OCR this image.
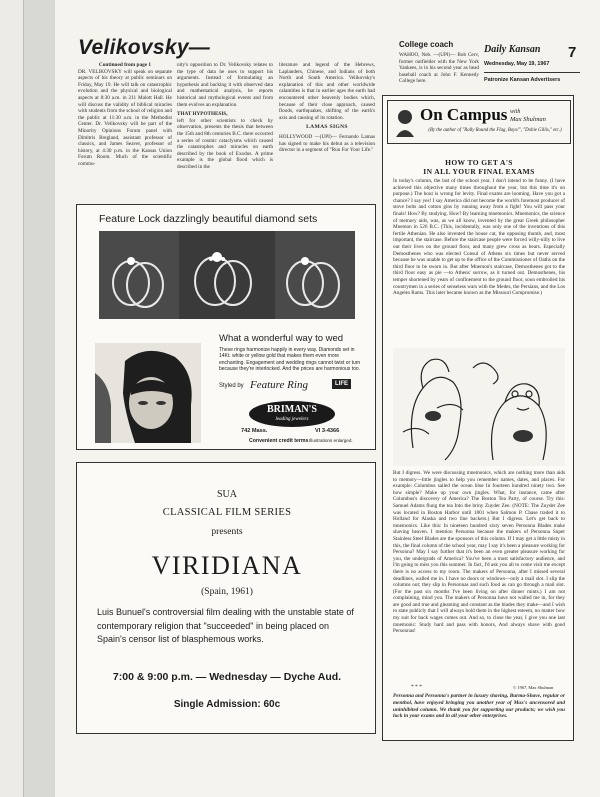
Velikovsky—	College coach	Daily Kansan 7
Wednesday, May 19, 1967
Patronize Kansan Advertisers
Continued from page 1
DR. VELIKOVSKY will speak on separate aspects of his theory at public seminars on Friday, May 19. He will talk on catastrophic evolution and the physical and biological aspects at 8:30 a.m. in 211 Malott Hall. He will discuss the validity of biblical miracles with students from the school of religion and the public at 11:30 a.m. in the Methodist Center. Dr. Velikovsky will be part of the Minority Opinions Forum panel with Dimitris Bregland, assistant professor of classics, and James Seaver, professor of history, at 4:30 p.m. in the Kansas Union Forum Room. Much of the scientific commu-
nity's opposition to Dr. Velikovsky relates to the type of data he uses to support his arguments. Instead of formulating an hypothesis and backing it with observed data and mathematical analysis, he reports historical and mythological events and from them evolves an explanation.
THAT HYPOTHESIS,
left for other scientists to check by observation, presents the thesis that between the 15th and 8th centuries B.C. there occurred a series of cosmic cataclysms which caused the catastrophes and miracles on earth described by the book of Exodus. A prime example is the global flood which is described in the
literature and legend of the Hebrews, Laplanders, Chinese, and Indians of both North and South America. Velikovsky's explanation of this and other worldwide calamities is that in earlier ages the earth had encountered other heavenly bodies which, because of their close approach, caused floods, earthquakes, shifting of the earth's axis and causing of its rotation.
LAMAS SIGNS
HOLLYWOOD —(UPI)— Fernando Lamas has signed to make his debut as a television director in a segment of "Run For Your Life."
WAHOO, Neb. —(UPI)— Bob Cerv, former outfielder with the New York Yankees, is in his second year as head baseball coach at John F. Kennedy College here.
Feature Lock dazzlingly beautiful diamond sets
What a wonderful way to wed
These rings harmonize happily in every way. Diamonds set in 14Kt. white or yellow gold that makes them even more enchanting. Engagement and wedding rings cannot twist or turn because they're interlocked. And the prices are harmonious too.
Styled by Feature Ring	LIFE
BRIMAN'S
leading jewelers
742 Mass.	VI 3-4366
Convenient credit terms Illustrations enlarged.
SUA
CLASSICAL FILM SERIES
presents
VIRIDIANA
(Spain, 1961)
Luis Bunuel's controversial film dealing with the unstable state of contemporary religion that "succeeded" in being placed on Spain's censor list of blasphemous works.
7:00 & 9:00 p.m. — Wednesday — Dyche Aud.
Single Admission: 60c
On Campus with
Max Shulman
(By the author of "Rally Round the Flag, Boys!", "Dobie Gillis," etc.)
HOW TO GET A'S
IN ALL YOUR FINAL EXAMS
In today's column, the last of the school year, I don't intend to be funny. (I have achieved this objective many times throughout the year, but this time it's on purpose.) The hour is wrong for levity. Final exams are looming. Have you got a chance? I say yes! I say America did not become the world's foremost producer of stove bolts and cotton gins by running away from a fight! You will pass your finals! How? By studying. How? By learning mnemonics. Mnemonics, the science of memory aids, was, as we all know, invented by the great Greek philosopher Mnemon in 526 B.C. (This, incidentally, was only one of the inventions of this fertile Athenian. He also invented the house cat, the opposing thumb, and, most important, the staircase. Before the staircase people were forced willy-nilly to live out their lives on the ground floor, and many grew cross as bears. Especially Demosthenes who was elected Consul of Athens six times but never served because he was unable to get up to the office of the Commissioner of Oaths on the third floor to be sworn in. But after Mnemon's staircase, Demosthenes got to the third floor easy as pie —to Athens' sorrow, as it turned out. Demosthenes, his temper shortened by years of confinement to the ground floor, soon embroiled his countrymen in a series of senseless wars with the Medes, the Persians, and the Los Angeles Rams. This later became known as the Missouri Compromise.)
But I digress. We were discussing mnemonics, which are nothing more than aids to memory—little jingles to help you remember names, dates, and places. For example: Columbus sailed the ocean blue In fourteen hundred ninety two. See how simple? Make up your own jingles. What, for instance, came after Columbus's discovery of America? The Boston Tea Party, of course. Try this: Samuel Adams flung the tea Into the briny Zuyder Zee. (NOTE: The Zuyder Zee was located in Boston Harbor until 1801 when Salmon P. Chase traded it to Holland for Alaska and two line backers.) But I digress. Let's get back to mnemonics. Like this: In nineteen hundred sixty seven Personna Blades make shaving heaven. I mention Personna because the makers of Personna Super Stainless Steel Blades are the sponsors of this column. If I may get a little misty in this, the final column of the school year, may I say it's been a pleasure working for Personna? May I say further that it's been an even greater pleasure working for you, the undergrads of America? You've been a most satisfactory audience, and I'm going to miss you this summer. In fact, I'd ask you all to come visit me except there is no access to my room. The makers of Personna, after I missed several deadlines, walled me in. I have no doors or windows—only a mail slot. I slip the columns out; they slip in Personnas and such food as can go through a mail slot. (For the past six months I've been living on after dinner mints.) I am not complaining, mind you. The makers of Personna have not walled me in, for they are good and true and gleaming and constant as the blades they make—and I wish to state publicly that I will always hold them in the highest esteem, no matter how my suit for back wages comes out. And so, to close the year, I give you one last mnemonic: Study hard and pass with honors, And always shave with good Personnas!
* * *	© 1967, Max Shulman
Personna and Personna's partner in luxury shaving, Burma-Shave, regular or menthol, have enjoyed bringing you another year of Max's uncensored and uninhibited column. We thank you for supporting our products; we wish you luck in your exams and in all your other enterprises.
